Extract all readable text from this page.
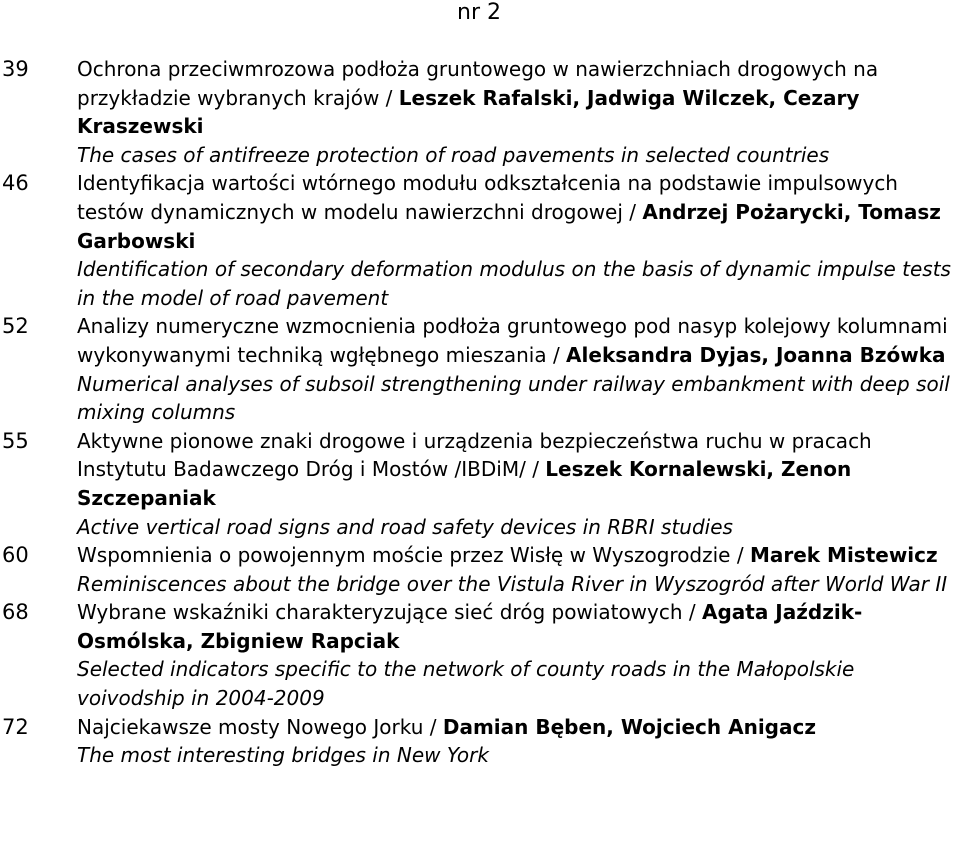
nr 2
39 Ochrona przeciwmrozowa podłoża gruntowego w nawierzchniach drogowych na przykładzie wybranych krajów / Leszek Rafalski, Jadwiga Wilczek, Cezary Kraszewski
The cases of antifreeze protection of road pavements in selected countries
46 Identyfikacja wartości wtórnego modułu odkształcenia na podstawie impulsowych testów dynamicznych w modelu nawierzchni drogowej / Andrzej Pożarycki, Tomasz Garbowski
Identification of secondary deformation modulus on the basis of dynamic impulse tests in the model of road pavement
52 Analizy numeryczne wzmocnienia podłoża gruntowego pod nasyp kolejowy kolumnami wykonywanymi techniką wgłębnego mieszania / Aleksandra Dyjas, Joanna Bzówka
Numerical analyses of subsoil strengthening under railway embankment with deep soil mixing columns
55 Aktywne pionowe znaki drogowe i urządzenia bezpieczeństwa ruchu w pracach Instytutu Badawczego Dróg i Mostów /IBDiM/ / Leszek Kornalewski, Zenon Szczepaniak
Active vertical road signs and road safety devices in RBRI studies
60 Wspomnienia o powojennym moście przez Wisłę w Wyszogrodzie / Marek Mistewicz
Reminiscences about the bridge over the Vistula River in Wyszogród after World War II
68 Wybrane wskaźniki charakteryzujące sieć dróg powiatowych / Agata Jaździk-Osmólska, Zbigniew Rapciak
Selected indicators specific to the network of county roads in the Małopolskie voivodship in 2004-2009
72 Najciekawsze mosty Nowego Jorku / Damian Bęben, Wojciech Anigacz
The most interesting bridges in New York
